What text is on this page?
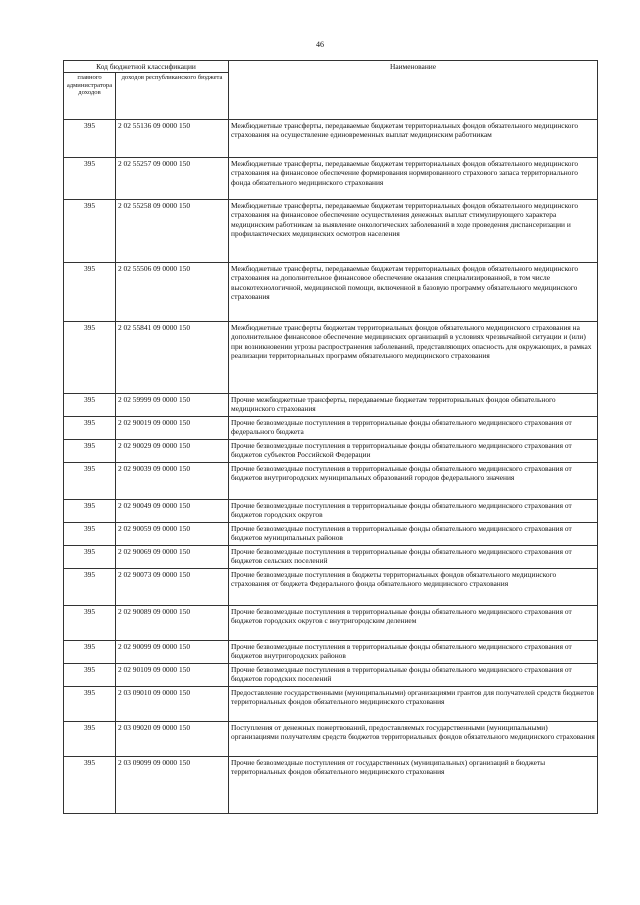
46
Код бюджетной классификации		Наименование
главного администратора доходов	доходов республиканского бюджета	
395	2 02 55136 09 0000 150	Межбюджетные трансферты, передаваемые бюджетам территориальных фондов обязательного медицинского страхования на осуществление единовременных выплат медицинским работникам
395	2 02 55257 09 0000 150	Межбюджетные трансферты, передаваемые бюджетам территориальных фондов обязательного медицинского страхования на финансовое обеспечение формирования нормированного страхового запаса территориального фонда обязательного медицинского страхования
395	2 02 55258 09 0000 150	Межбюджетные трансферты, передаваемые бюджетам территориальных фондов обязательного медицинского страхования на финансовое обеспечение осуществления денежных выплат стимулирующего характера медицинским работникам за выявление онкологических заболеваний в ходе проведения диспансеризации и профилактических медицинских осмотров населения
395	2 02 55506 09 0000 150	Межбюджетные трансферты, передаваемые бюджетам территориальных фондов обязательного медицинского страхования на дополнительное финансовое обеспечение оказания специализированной, в том числе высокотехнологичной, медицинской помощи, включенной в базовую программу обязательного медицинского страхования
395	2 02 55841 09 0000 150	Межбюджетные трансферты бюджетам территориальных фондов обязательного медицинского страхования на дополнительное финансовое обеспечение медицинских организаций в условиях чрезвычайной ситуации и (или) при возникновении угрозы распространения заболеваний, представляющих опасность для окружающих, в рамках реализации территориальных программ обязательного медицинского страхования
395	2 02 59999 09 0000 150	Прочие межбюджетные трансферты, передаваемые бюджетам территориальных фондов обязательного медицинского страхования
395	2 02 90019 09 0000 150	Прочие безвозмездные поступления в территориальные фонды обязательного медицинского страхования от федерального бюджета
395	2 02 90029 09 0000 150	Прочие безвозмездные поступления в территориальные фонды обязательного медицинского страхования от бюджетов субъектов Российской Федерации
395	2 02 90039 09 0000 150	Прочие безвозмездные поступления в территориальные фонды обязательного медицинского страхования от бюджетов внутригородских муниципальных образований городов федерального значения
395	2 02 90049 09 0000 150	Прочие безвозмездные поступления в территориальные фонды обязательного медицинского страхования от бюджетов городских округов
395	2 02 90059 09 0000 150	Прочие безвозмездные поступления в территориальные фонды обязательного медицинского страхования от бюджетов муниципальных районов
395	2 02 90069 09 0000 150	Прочие безвозмездные поступления в территориальные фонды обязательного медицинского страхования от бюджетов сельских поселений
395	2 02 90073 09 0000 150	Прочие безвозмездные поступления в бюджеты территориальных фондов обязательного медицинского страхования от бюджета Федерального фонда обязательного медицинского страхования
395	2 02 90089 09 0000 150	Прочие безвозмездные поступления в территориальные фонды обязательного медицинского страхования от бюджетов городских округов с внутригородским делением
395	2 02 90099 09 0000 150	Прочие безвозмездные поступления в территориальные фонды обязательного медицинского страхования от бюджетов внутригородских районов
395	2 02 90109 09 0000 150	Прочие безвозмездные поступления в территориальные фонды обязательного медицинского страхования от бюджетов городских поселений
395	2 03 09010 09 0000 150	Предоставление государственными (муниципальными) организациями грантов для получателей средств бюджетов территориальных фондов обязательного медицинского страхования
395	2 03 09020 09 0000 150	Поступления от денежных пожертвований, предоставляемых государственными (муниципальными) организациями получателям средств бюджетов территориальных фондов обязательного медицинского страхования
395	2 03 09099 09 0000 150	Прочие безвозмездные поступления от государственных (муниципальных) организаций в бюджеты территориальных фондов обязательного медицинского страхования
